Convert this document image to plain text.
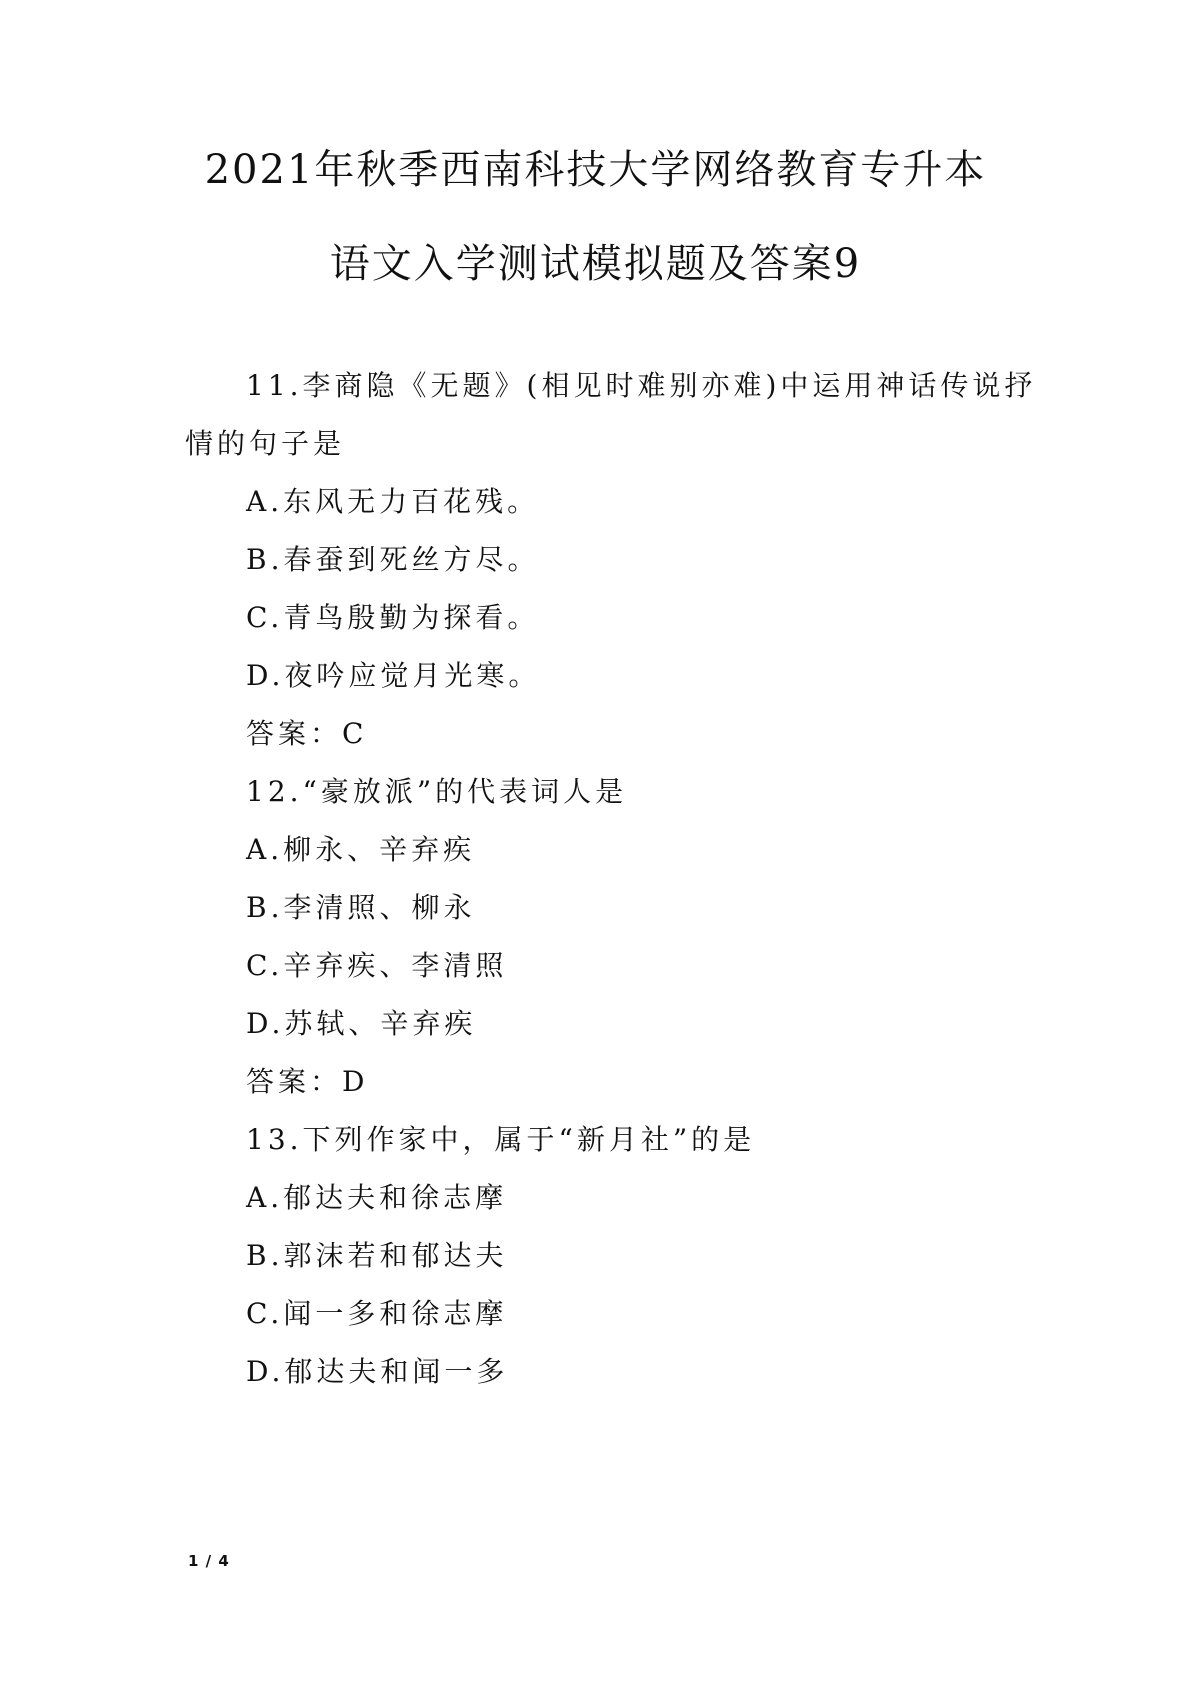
2021年秋季西南科技大学网络教育专升本
语文入学测试模拟题及答案9
11.李商隐《无题》(相见时难别亦难)中运用神话传说抒
情的句子是
A.东风无力百花残。
B.春蚕到死丝方尽。
C.青鸟殷勤为探看。
D.夜吟应觉月光寒。
答案：C
12.“豪放派”的代表词人是
A.柳永、辛弃疾
B.李清照、柳永
C.辛弃疾、李清照
D.苏轼、辛弃疾
答案：D
13.下列作家中，属于“新月社”的是
A.郁达夫和徐志摩
B.郭沫若和郁达夫
C.闻一多和徐志摩
D.郁达夫和闻一多
1 / 4
